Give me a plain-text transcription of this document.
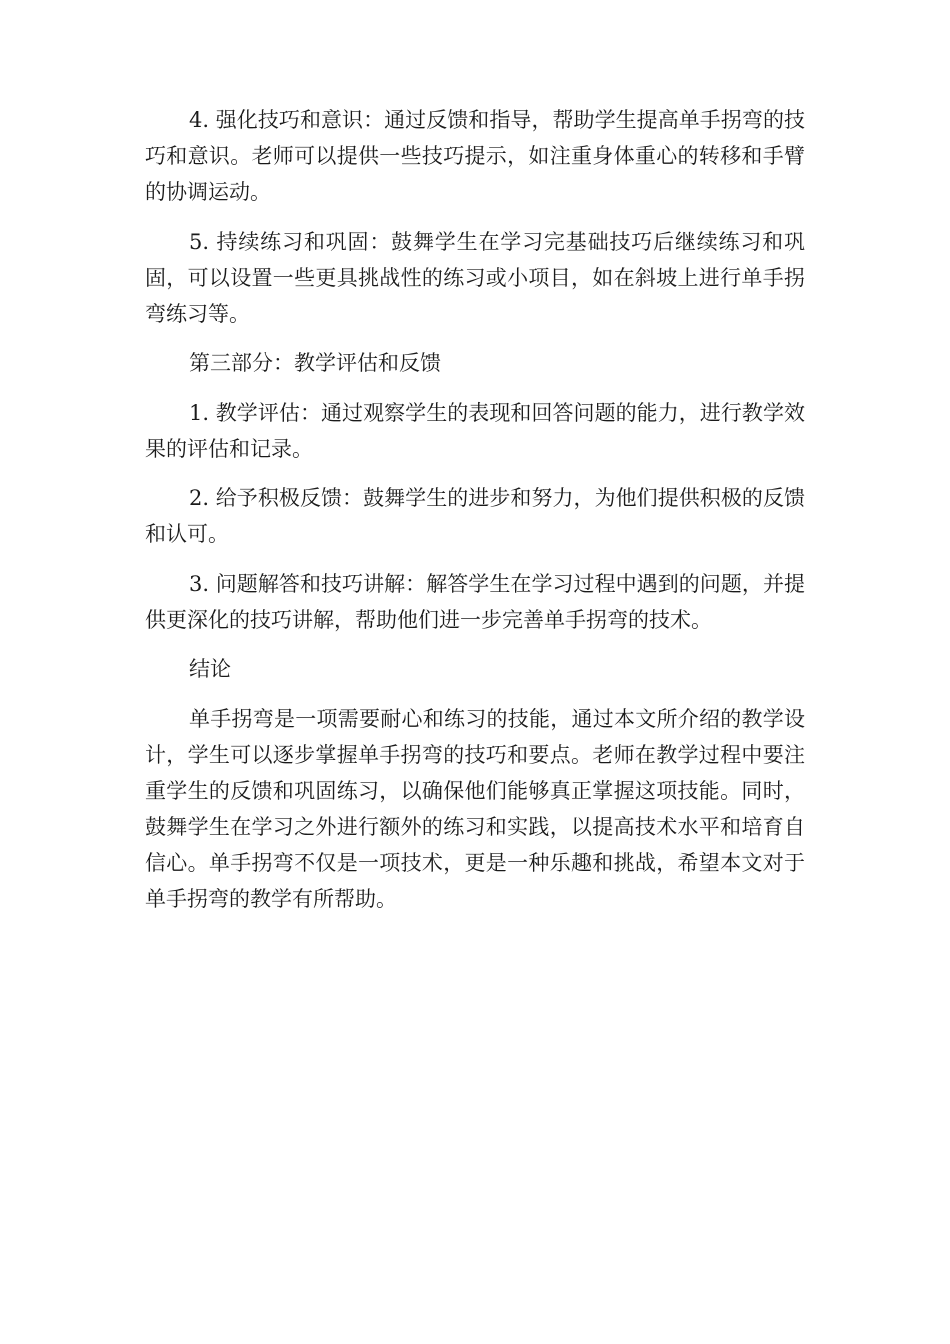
4. 强化技巧和意识：通过反馈和指导，帮助学生提高单手拐弯的技巧和意识。老师可以提供一些技巧提示，如注重身体重心的转移和手臂的协调运动。

5. 持续练习和巩固：鼓舞学生在学习完基础技巧后继续练习和巩固，可以设置一些更具挑战性的练习或小项目，如在斜坡上进行单手拐弯练习等。

第三部分：教学评估和反馈

1. 教学评估：通过观察学生的表现和回答问题的能力，进行教学效果的评估和记录。

2. 给予积极反馈：鼓舞学生的进步和努力，为他们提供积极的反馈和认可。

3. 问题解答和技巧讲解：解答学生在学习过程中遇到的问题，并提供更深化的技巧讲解，帮助他们进一步完善单手拐弯的技术。

结论

单手拐弯是一项需要耐心和练习的技能，通过本文所介绍的教学设计，学生可以逐步掌握单手拐弯的技巧和要点。老师在教学过程中要注重学生的反馈和巩固练习，以确保他们能够真正掌握这项技能。同时，鼓舞学生在学习之外进行额外的练习和实践，以提高技术水平和培育自信心。单手拐弯不仅是一项技术，更是一种乐趣和挑战，希望本文对于单手拐弯的教学有所帮助。
